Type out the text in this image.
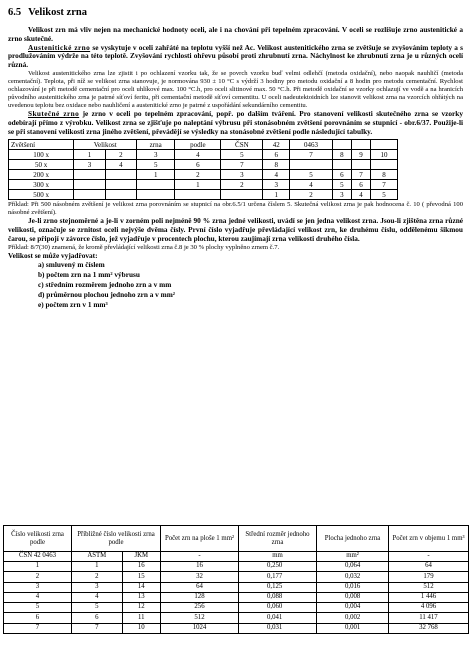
6.5 Velikost zrna

Velikost zrn má vliv nejen na mechanické hodnoty oceli, ale i na chování při tepelném zpracování. V oceli se rozlišuje zrno austenitické a zrno skutečné.

Austenitické zrno se vyskytuje v oceli zahřáté na teplotu vyšší než Ac. Velikost austenitického zrna se zvětšuje se zvyšováním teploty a s prodlužováním výdrže na této teplotě. Zvyšování rychlosti ohřevu působí proti zhrubnutí zrna. Náchylnost ke zhrubnutí zrna je u různých ocelí různá.

Velikost austenitického zrna lze zjistit i po ochlazení vzorku tak, že se povrch vzorku buď velmi odlehčí (metoda oxidační), nebo naopak nauhličí (metoda cementační). Teplota, při níž se velikost zrna stanovuje, je normována 930 ± 10 °C s výdrží 3 hodiny pro metodu oxidační a 8 hodin pro metodu cementační. Rychlost ochlazování je při metodě cementační pro oceli uhlíkové max. 100 °C.h, pro oceli slitinové max. 50 °C.h. Při metodě oxidační se vzorky ochlazují ve vodě a na hranicích původního austenitického zrna je patrné síťoví feritu, při cementační metodě síťoví cementitu. U oceli nadeutektoidních lze stanovit velikost zrna na vzorcích ohřátých na uvedenou teplotu bez oxidace nebo nauhličení a austenitické zrno je patrné z uspořádání sekundárního cementitu.

Skutečné zrno je zrno v oceli po tepelném zpracování, popř. po dalším tváření. Pro stanovení velikosti skutečného zrna se vzorky odebírají přímo z výrobku. Velikost zrna se zjišťuje po naleptání výbrusu při stonásobném zvětšení porovnáním se stupnicí - obr.6/37. Použije-li se při stanovení velikosti zrna jiného zvětšení, převádějí se výsledky na stonásobné zvětšení podle následující tabulky.

Zvětšení	Velikost		zrna	podle	ČSN	42	0463			
100 x	1	2	3	4	5	6	7	8	9	10
50 x	3	4	5	6	7	8				
200 x			1	2	3	4	5	6	7	8
300 x				1	2	3	4	5	6	7
500 x						1	2	3	4	5

Příklad: Při 500 násobném zvětšení je velikost zrna porovnáním se stupnicí na obr.6.5/1 určena číslem 5. Skutečná velikost zrna je pak hodnocena č. 10 ( převodná 100 násobné zvětšení).

Je-li zrno stejnoměrné a je-li v zorném poli nejméně 90 % zrna jedné velikosti, uvádí se jen jedna velikost zrna. Jsou-li zjištěna zrna různé velikosti, označuje se zrnitost oceli nejvýše dvěma čísly. První číslo vyjadřuje převládající velikost zrn, ke druhému číslu, oddělenému šikmou čarou, se připojí v závorce číslo, jež vyjadřuje v procentech plochu, kterou zaujímají zrna velikosti druhého čísla.

Příklad: 8/7(30) znamená, že kromě převládající velikosti zrna č.8 je 30 % plochy vyplněno zrnem č.7.

Velikost se může vyjadřovat:

a) smluvený m číslem
b) počtem zrn na 1 mm² výbrusu
c) středním rozměrem jednoho zrn a v mm
d) průměrnou plochou jednoho zrn a v mm²
e) počtem zrn v 1 mm³
Číslo velikosti zrna podle	Příbližné číslo velikosti zrna podle		Počet zrn na ploše 1 mm²	Střední rozměr jednoho zrna	Plocha jednoho zrna	Počet zrn v objemu 1 mm³
ČSN 42 0463	ASTM	JKM	-	mm	mm²	-
1	1	16	16	0,250	0,064	64
2	2	15	32	0,177	0,032	179
3	3	14	64	0,125	0,016	512
4	4	13	128	0,088	0,008	1 446
5	5	12	256	0,060	0,004	4 096
6	6	11	512	0,041	0,002	11 417
7	7	10	1024	0,031	0,001	32 768
